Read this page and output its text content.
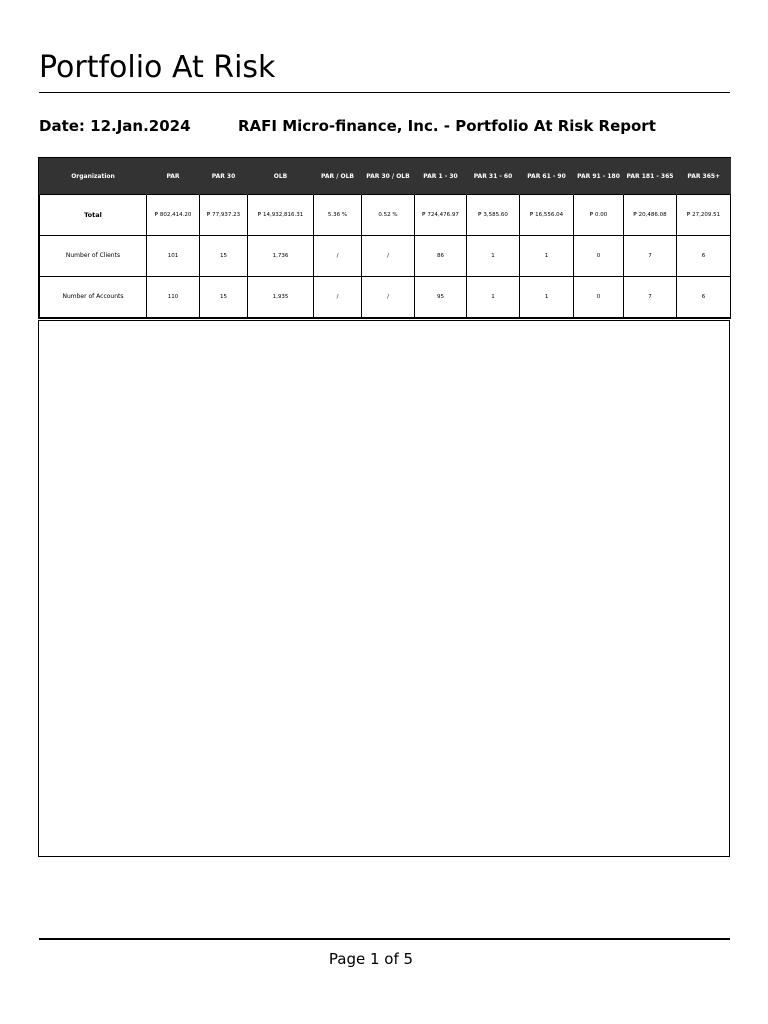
Portfolio At Risk
Date: 12.Jan.2024	RAFI Micro-finance, Inc. - Portfolio At Risk Report
Organization	PAR	PAR 30	OLB	PAR / OLB	PAR 30 / OLB	PAR 1 - 30	PAR 31 - 60	PAR 61 - 90	PAR 91 - 180	PAR 181 - 365	PAR 365+
Total	₱ 802,414.20	₱ 77,937.23	₱ 14,932,816.31	5.36 %	0.52 %	₱ 724,476.97	₱ 3,585.60	₱ 16,556.04	₱ 0.00	₱ 20,486.08	₱ 27,209.51
Number of Clients	101	15	1,736	/	/	86	1	1	0	7	6
Number of Accounts	110	15	1,935	/	/	95	1	1	0	7	6
Page 1 of 5
